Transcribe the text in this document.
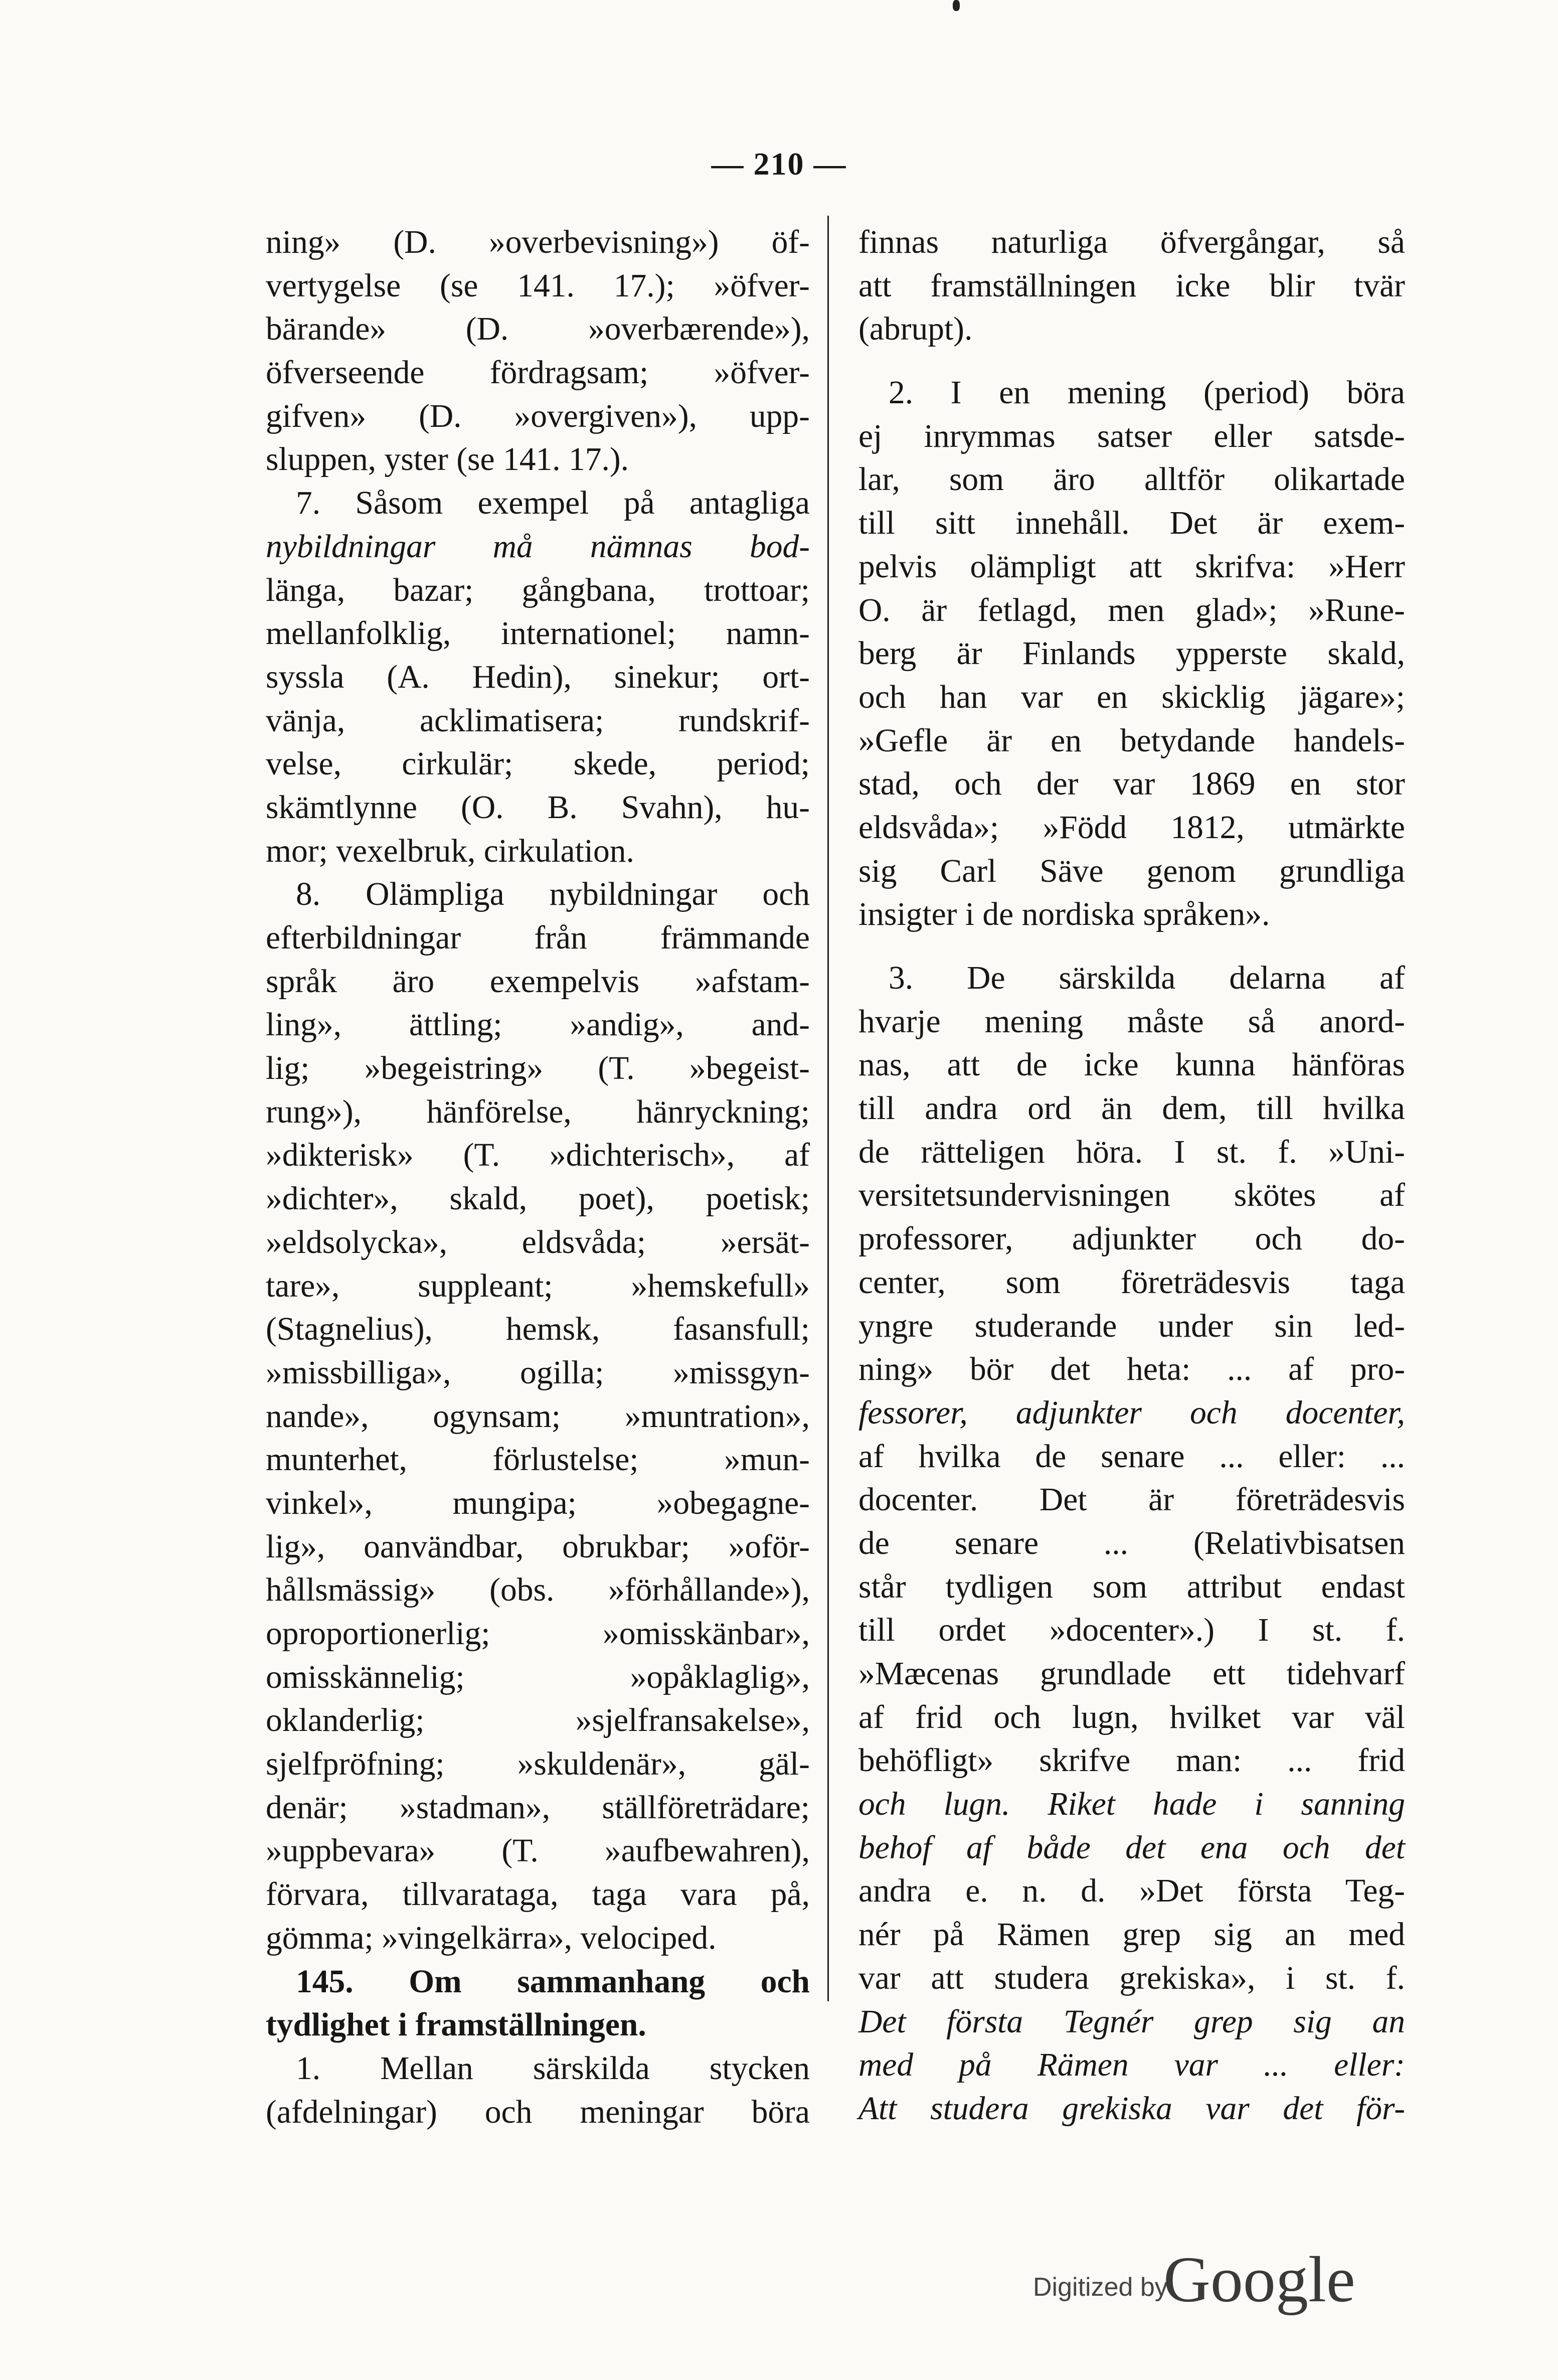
— 210 —
ning» (D. »overbevisning») öf-
vertygelse (se 141. 17.); »öfver-
bärande» (D. »overbærende»),
öfverseende fördragsam; »öfver-
gifven» (D. »overgiven»), upp-
sluppen, yster (se 141. 17.).
7. Såsom exempel på antagliga
nybildningar må nämnas bod-
länga, bazar; gångbana, trottoar;
mellanfolklig, internationel; namn-
syssla (A. Hedin), sinekur; ort-
vänja, acklimatisera; rundskrif-
velse, cirkulär; skede, period;
skämtlynne (O. B. Svahn), hu-
mor; vexelbruk, cirkulation.
8. Olämpliga nybildningar och
efterbildningar från främmande
språk äro exempelvis »afstam-
ling», ättling; »andig», and-
lig; »begeistring» (T. »begeist-
rung»), hänförelse, hänryckning;
»dikterisk» (T. »dichterisch», af
»dichter», skald, poet), poetisk;
»eldsolycka», eldsvåda; »ersät-
tare», suppleant; »hemskefull»
(Stagnelius), hemsk, fasansfull;
»missbilliga», ogilla; »missgyn-
nande», ogynsam; »muntration»,
munterhet, förlustelse; »mun-
vinkel», mungipa; »obegagne-
lig», oanvändbar, obrukbar; »oför-
hållsmässig» (obs. »förhållande»),
oproportionerlig; »omisskänbar»,
omisskännelig; »opåklaglig»,
oklanderlig; »sjelfransakelse»,
sjelfpröfning; »skuldenär», gäl-
denär; »stadman», ställföreträdare;
»uppbevara» (T. »aufbewahren),
förvara, tillvarataga, taga vara på,
gömma; »vingelkärra», velociped.
145. Om sammanhang och
tydlighet i framställningen.
1. Mellan särskilda stycken
(afdelningar) och meningar böra
finnas naturliga öfvergångar, så
att framställningen icke blir tvär
(abrupt).
2. I en mening (period) böra
ej inrymmas satser eller satsde-
lar, som äro alltför olikartade
till sitt innehåll. Det är exem-
pelvis olämpligt att skrifva: »Herr
O. är fetlagd, men glad»; »Rune-
berg är Finlands ypperste skald,
och han var en skicklig jägare»;
»Gefle är en betydande handels-
stad, och der var 1869 en stor
eldsvåda»; »Född 1812, utmärkte
sig Carl Säve genom grundliga
insigter i de nordiska språken».
3. De särskilda delarna af
hvarje mening måste så anord-
nas, att de icke kunna hänföras
till andra ord än dem, till hvilka
de rätteligen höra. I st. f. »Uni-
versitetsundervisningen skötes af
professorer, adjunkter och do-
center, som företrädesvis taga
yngre studerande under sin led-
ning» bör det heta: ... af pro-
fessorer, adjunkter och docenter,
af hvilka de senare ... eller: ...
docenter. Det är företrädesvis
de senare ... (Relativbisatsen
står tydligen som attribut endast
till ordet »docenter».) I st. f.
»Mæcenas grundlade ett tidehvarf
af frid och lugn, hvilket var väl
behöfligt» skrifve man: ... frid
och lugn. Riket hade i sanning
behof af både det ena och det
andra e. n. d. »Det första Teg-
nér på Rämen grep sig an med
var att studera grekiska», i st. f.
Det första Tegnér grep sig an
med på Rämen var ... eller:
Att studera grekiska var det för-
Digitized by
Google
